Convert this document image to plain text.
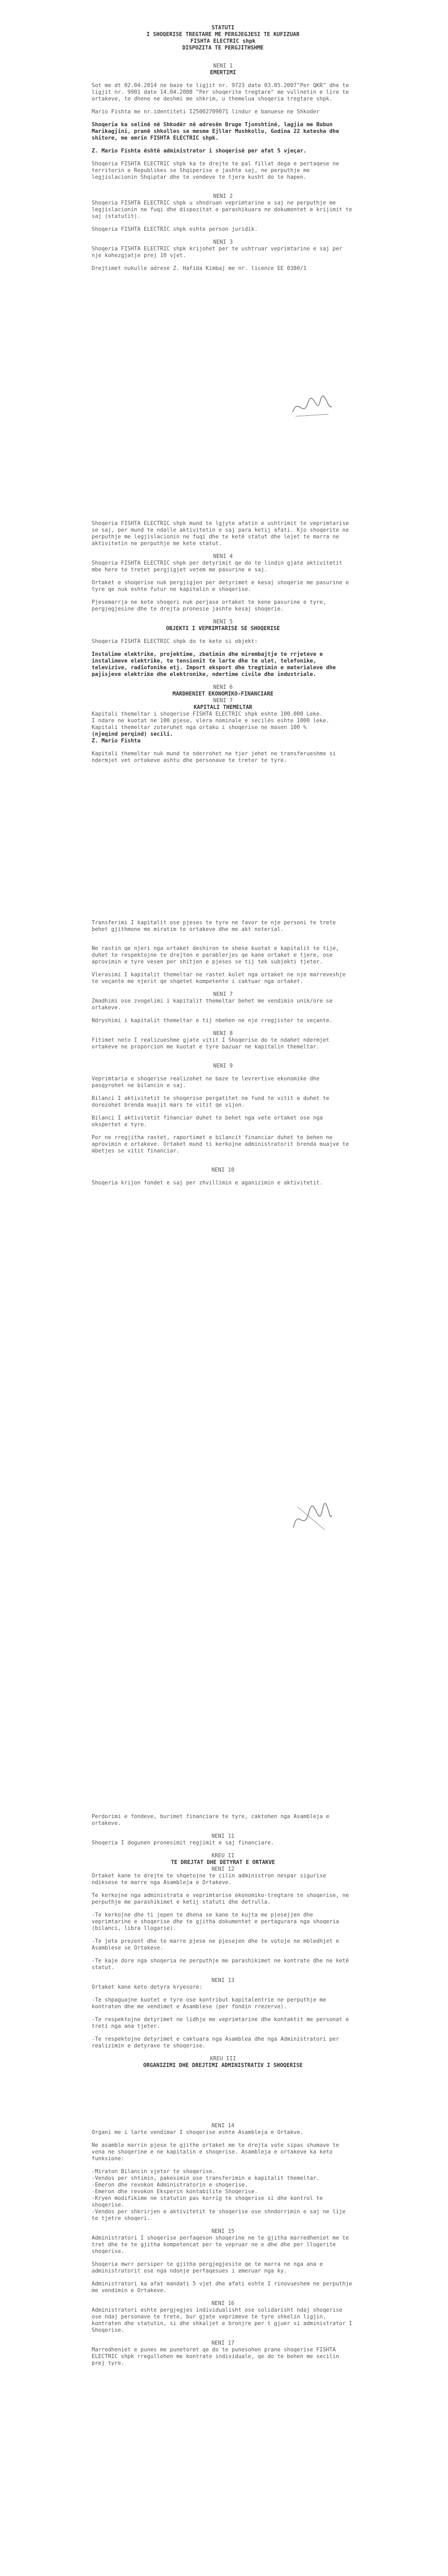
STATUTI
I SHOQERISE TREGTARE ME PERGJEGJESI TE KUFIZUAR
FISHTA ELECTRIC shpk
DISPOZITA TE PERGJITHSHME
NENI 1
EMERTIMI

Sot me dt 02.04.2014 ne baze te ligjit nr. 9723 date 03.05.2007"Per QKR" dhe te ligjit nr. 9901 date 14.04.2008 "Per shoqerite tregtare" me vullnetin e lire te ortakeve, te dhene ne deshmi me shkrim, u themelua shoqeria tregtare shpk.

Mario Fishta me nr.identiteti I25002709071 lindur e banuese ne Shkoder

Shoqeria ka selinë në Shkodër në adresën Bruge Tjonshtinë, lagjia me Bubun Marikagjini, pranë shkolles se mesme Ejller Mushkollu, Godina 22 katesha dhe shitore, me emrin FISHTA ELECTRIC shpk.

Z. Mario Fishta është administrator i shoqerisë per afat 5 vjeçar.

Shoqeria FISHTA ELECTRIC shpk ka te drejte te pal fillat dega e pertaqese ne territorin e Republikes se Shqiperise e jashte saj, ne perputhje me legjislacionin Shqiptar dhe te vendeve te tjera kusht do te hapen.

NENI 2

Shoqeria FISHTA ELECTRIC shpk u shndruan veprimtarine e saj ne perputhje me legjislacionin ne fuqi dhe dispozitat e parashikuara ne dokumentet e krijimit te saj (statutit).

Shoqeria FISHTA ELECTRIC shpk eshte person juridik.

NENI 3

Shoqeria FISHTA ELECTRIC shpk krijohet per te ushtruar veprimtarine e saj per nje kohezgjatje prej 10 vjet.

Drejtimet nukulle adrese Z. Hafida Kimbaj me nr. licence EE 0380/1

Shoqeria FISHTA ELECTRIC shpk mund te lgjyte afatin e ushtrimit te veprimtarise se saj, per mund te ndalle aktivitetin e saj para ketij afati. Kjo shoqerite ne perputhje me legjislacionin ne fuqi dhe te ketë statut dhe lejet te marra ne aktivitetin ne perputhje me kete statut.

NENI 4

Shoqeria FISHTA ELECTRIC shpk per detyrimit qe do te lindin gjate aktivitetit mbe here te tretet pergjigjet vetem me pasurine e saj.

Ortaket e shoqerise nuk pergjigjen per detyrimet e kesaj shoqerie me pasurine e tyre qe nuk eshte futur ne kapitalin e shoqerise.

Pjesemarrja ne kete shoqeri nuk perjase ortaket te kene pasurine e tyre, pergjegjesine dhe te drejta pronesie jashte kesaj shoqerie.

NENI 5
OBJEKTI I VEPRIMTARISE SE SHOQERISE

Shoqeria FISHTA ELECTRIC shpk do te kete si objekt:

Instalime elektrike, projektime, zbatimin dhe mirembajtje te rrjeteve e instalimeve elektrike, te tensionit te larte dhe te ulet, telefonike, televizive, radiofonike etj. Import eksport dhe tregtimin e materialeve dhe pajisjeve elektrike dhe elektronike, ndertime civile dhe industriale.

NENI 6
MARDHENIET EKONOMIKO-FINANCIARE
NENI 7
KAPITALI THEMELTAR
Kapitali themeltar i shoqerise FISHTA ELECTRIC shpk eshte 100.000 Leke.
I ndare ne kuotat ne 100 pjese, vlera nominale e secilës eshte 1000 leke.
Kapitali themeltar zoteruhet nga ortaku i shoqerise ne masen 100 %
(njeqind perqind) secili.
Z. Mario Fishta

Kapitali themeltar nuk mund te nderrohet ne tjer jehet ne transferueshme si ndermjet vet ortakeve ashtu dhe personave te treter te tyre.

Transferimi I kapitalit ose pjeses te tyre ne favor te nje personi te trete behet gjithmone me miratim te ortakeve dhe me akt noterial.

Ne rastin qe njeri nga ortaket deshiron te shese kuotat e kapitalit te tije, duhet te respektojne te drejten e parablerjes qe kane ortaket e tjere, ose aprovimin e tyre vesen per shitjen e pjeses se tij tek subjekti tjeter.

Vlerasimi I kapitalit themeltar ne rastet kolet nga ortaket ne nje marreveshje te veçante me njerit qe shqetet kompetente i caktuar nga ortaket.

NENI 7

Zmadhimi ose zvogelimi i kapitalit themeltar behet me vendimin unik/ore se ortakeve.

Ndryshimi i kapitalit themeltar e tij nbehen ne nje rregjister te veçante.

NENI 8

Fitimet neto I realizueshme gjate vitit I Shoqerise do te ndahet ndermjet ortakeve ne proporcion me kuotat e tyre bazuar ne kapitalin themeltar.

NENI 9

Veprimtaria e shoqerise realizohet ne baze te levrertive ekonomike dhe pasqyrohet ne bilancin e saj.

Bilanci I aktivitetit te shoqerise pergatitet ne fund te vitit e duhet te dorezohet brenda muajit mars te vitit qe vijon.

Bilanci I aktivitetit financiar duhet te behet nga vete ortaket ose nga ekspertet e tyre.

Por ne rregjitha rastet, raportimet e bilancit financiar duhet te behen ne aprovimin e ortakeve. Ortaket mund ti kerkojne administratorit brenda muajve te mbetjes se vitit financiar.

NENI 10

Shoqeria krijon fondet e saj per zhvillimin e aganizimin e aktivitetit.

Perdorimi e fondeve, burimet financiare te tyre, caktohen nga Asambleja e ortakeve.

NENI 11

Shoqeria I dogunen pronesimit regjimit e saj financiare.

KREU II
TE DREJTAT DHE DETYRAT E ORTAKVE
NENI 12

Ortaket kane te drejte te shqetojne te cilin administron nespar sigurise ndiksese te marre nga Asambleja e Ortakeve.

Te kerkojne nga administrata e veprimtarise ekonomiko-tregtare te shoqerise, ne perputhje me parashikimet e ketij statuti dhe detrulla.

-Te kerkojne dhe ti jepen te dhena se kane te kujta me pjesejjen dhe veprimtarine e shoqerise dhe te gjitha dokumentet e pertagurara nga shoqeria (bilanci, libra llogarie).

-Te jete prezent dhe te marre pjese ne pjesejen dhe te votoje ne mbledhjet e Asamblese se Ortakeve.

-Te kaje dore nga shoqeria ne perputhje me parashikimet ne kontrate dhe ne ketë statut.

NENI 13

Ortaket kane keto detyra kryesore:

-Te shpaguajne kuotet e tyre ose kontribut kapitalentrie ne perputhje me kontraten dhe me vendimet e Asamblese (per fondin rrezerve).

-Te respektojne detyrimet ne lidhje me veprimtarine dhe kontaktit me personat e treti nga ana tjeter.

-Te respektojne detyrimet e caktuara nga Asamblea dhe nga Administratori per realizimin e detyrave te shoqerise.

KREU III
ORGANIZIMI DHE DREJTIMI ADMINISTRATIV I SHOQERISE
NENI 14

Organi me i larte vendimar I shoqerise eshte Asambleja e Ortakve.

Ne asamble marrin pjese te gjithe ortaket me te drejta vote sipas shumave te vena ne shoqerine e ne kapitalin e shoqerise. Asambleja e ortakeve ka keto funksione:

-Miraton Bilancin vjetor te shoqerise.
-Vendos per shtimin, pakesimin ose transferimin e kapitalit themeltar.
-Emeron dhe revokon Administratorin e shoqerise.
-Emeron dhe revokon Eksperin kontabilite Shoqerise.
-Kryen modifikime ne statutin pas korrig te shoqerise si dhe kontrol te shoqerise.
-Vendos per shkrirjen e aktivitetit te shoqerise ose shndorrimin e saj ne lije te tjetre shoqeri.
NENI 15

Administratori I shoqerise perfaqeson shoqerine ne te gjitha marredheniet me te tret dhe te te gjitha kompetencat per te vepruar ne e dhe dhe per llogerite shoqerise.

Shoqeria mwrr persiper te gjitha pergjegjesite qe te marra ne nga ana e administratorit ose nga ndonje perfaqesues i emeruar nga ky.

Administratori ka afat mandati 5 vjet dhe afati eshte I rinovueshem ne perputhje me vendimin e Ortakeve.

NENI 16

Administratori eshte pergjegjes individualisht ose solidarisht ndaj shoqerise ose ndaj personave te trete, bur gjate veprimeve te tyre shkelin ligjin, kontraten dhe statutin, si dhe shkaljet e bronjre per t gjuer si administrator I Shoqerise.

NENI 17

Marredheniet e punes me punetoret qe do te punesohen prane shoqerise FISHTA ELECTRIC shpk rregullohen me kontrate individuale, qe do te behen me secilin prej tyre.
